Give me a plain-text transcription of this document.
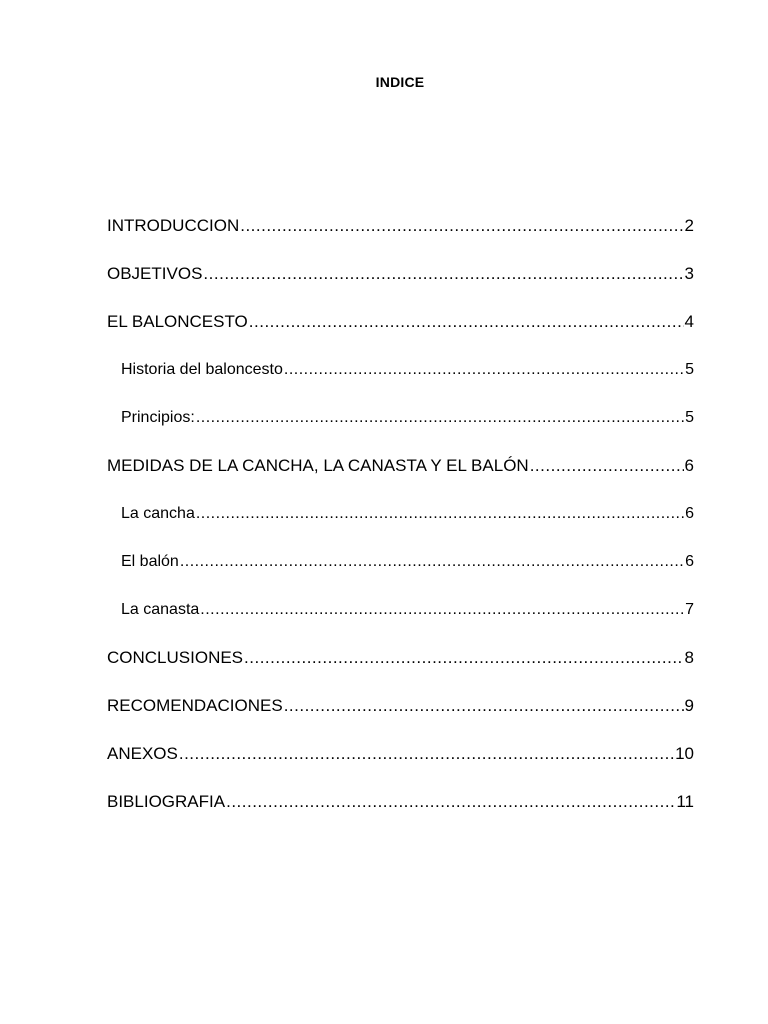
INDICE
INTRODUCCION .....	2
OBJETIVOS .....	3
EL BALONCESTO .....	4
Historia del baloncesto .....	5
Principios: .....	5
MEDIDAS DE LA CANCHA, LA CANASTA Y EL BALÓN .....	6
La cancha .....	6
El balón .....	6
La canasta .....	7
CONCLUSIONES .....	8
RECOMENDACIONES .....	9
ANEXOS .....	10
BIBLIOGRAFIA .....	11
